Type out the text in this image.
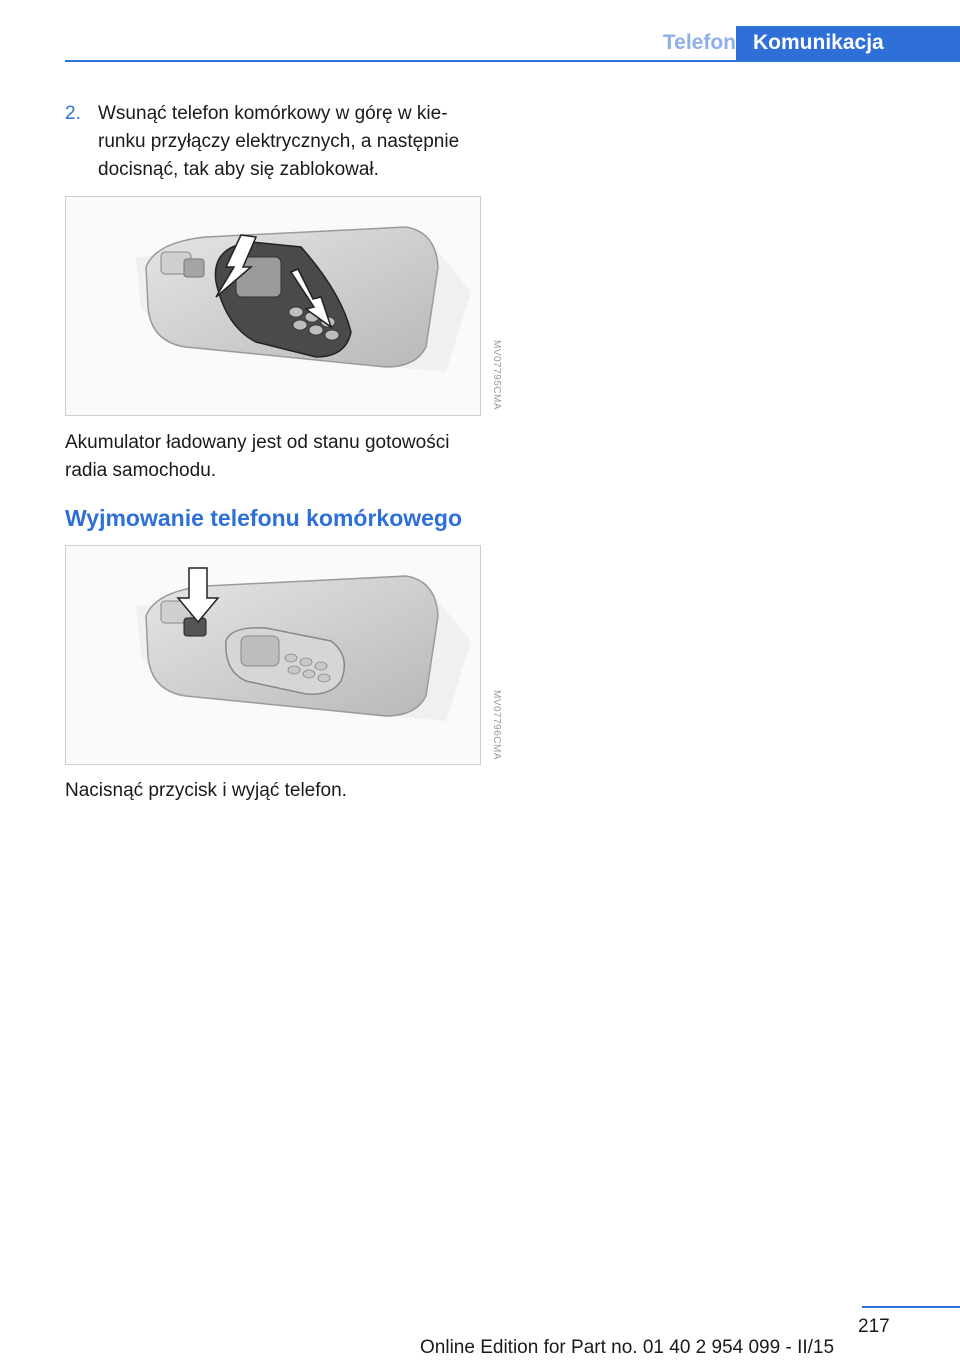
Telefon Komunikacja
2. Wsunąć telefon komórkowy w górę w kierunku przyłączy elektrycznych, a następnie docisnąć, tak aby się zablokował.
MV07795CMA
Akumulator ładowany jest od stanu gotowości radia samochodu.
Wyjmowanie telefonu komórkowego
MV07796CMA
Nacisnąć przycisk i wyjąć telefon.
217
Online Edition for Part no. 01 40 2 954 099 - II/15
